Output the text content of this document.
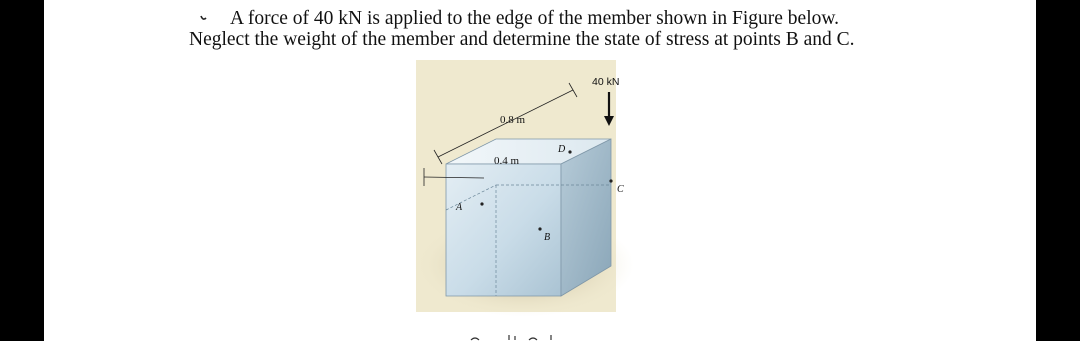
A force of 40 kN is applied to the edge of the member shown in Figure below.
Neglect the weight of the member and determine the state of stress at points B and C.
0.8 m
0.4 m
40 kN
A
B
C
D
